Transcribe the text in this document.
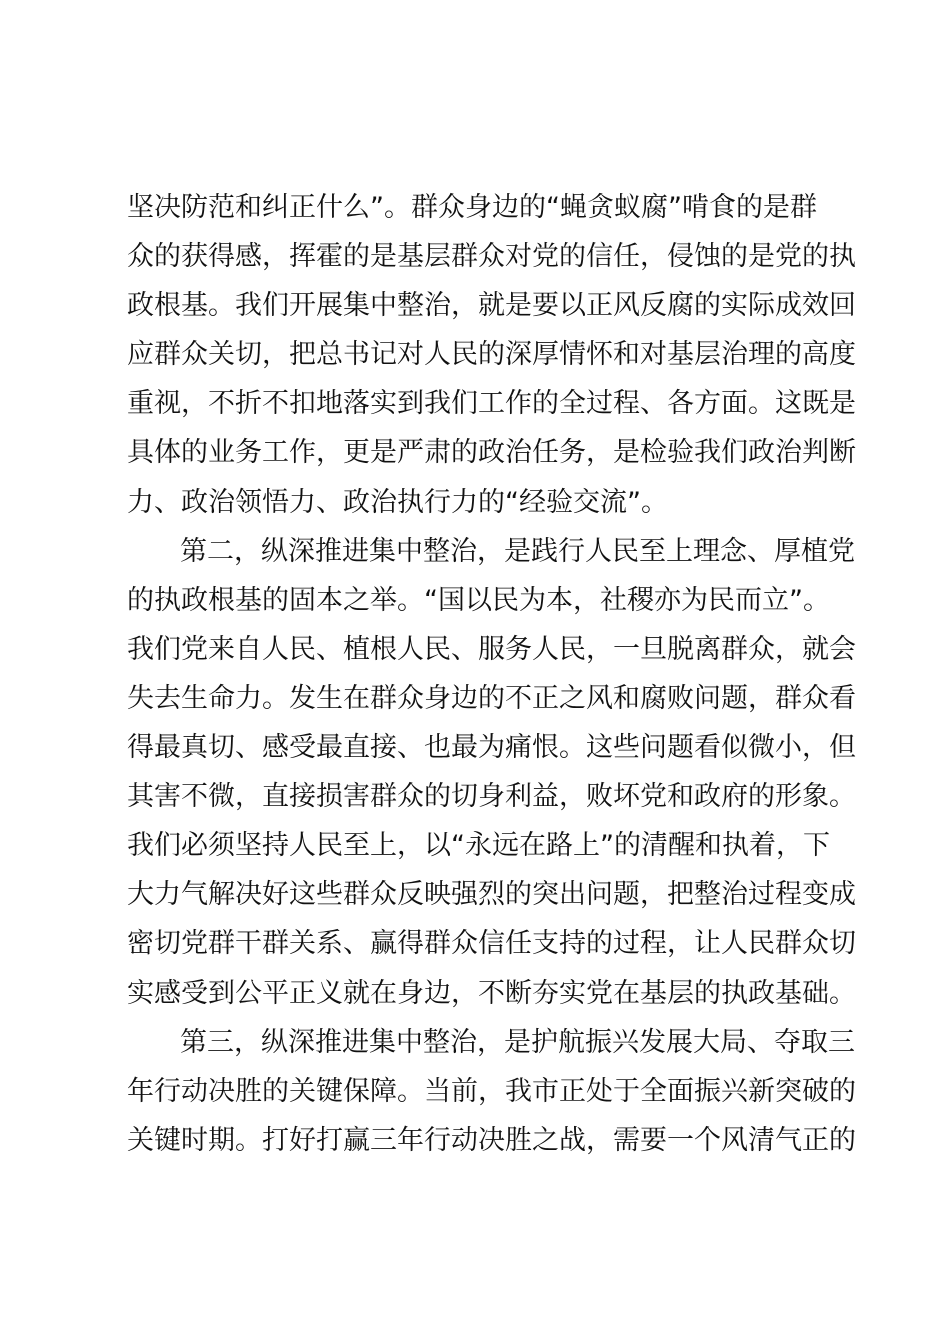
坚决防范和纠正什么”。群众身边的“蝇贪蚁腐”啃食的是群
众的获得感，挥霍的是基层群众对党的信任，侵蚀的是党的执
政根基。我们开展集中整治，就是要以正风反腐的实际成效回
应群众关切，把总书记对人民的深厚情怀和对基层治理的高度
重视，不折不扣地落实到我们工作的全过程、各方面。这既是
具体的业务工作，更是严肃的政治任务，是检验我们政治判断
力、政治领悟力、政治执行力的“经验交流”。
第二，纵深推进集中整治，是践行人民至上理念、厚植党
的执政根基的固本之举。“国以民为本，社稷亦为民而立”。
我们党来自人民、植根人民、服务人民，一旦脱离群众，就会
失去生命力。发生在群众身边的不正之风和腐败问题，群众看
得最真切、感受最直接、也最为痛恨。这些问题看似微小，但
其害不微，直接损害群众的切身利益，败坏党和政府的形象。
我们必须坚持人民至上，以“永远在路上”的清醒和执着，下
大力气解决好这些群众反映强烈的突出问题，把整治过程变成
密切党群干群关系、赢得群众信任支持的过程，让人民群众切
实感受到公平正义就在身边，不断夯实党在基层的执政基础。
第三，纵深推进集中整治，是护航振兴发展大局、夺取三
年行动决胜的关键保障。当前，我市正处于全面振兴新突破的
关键时期。打好打赢三年行动决胜之战，需要一个风清气正的
